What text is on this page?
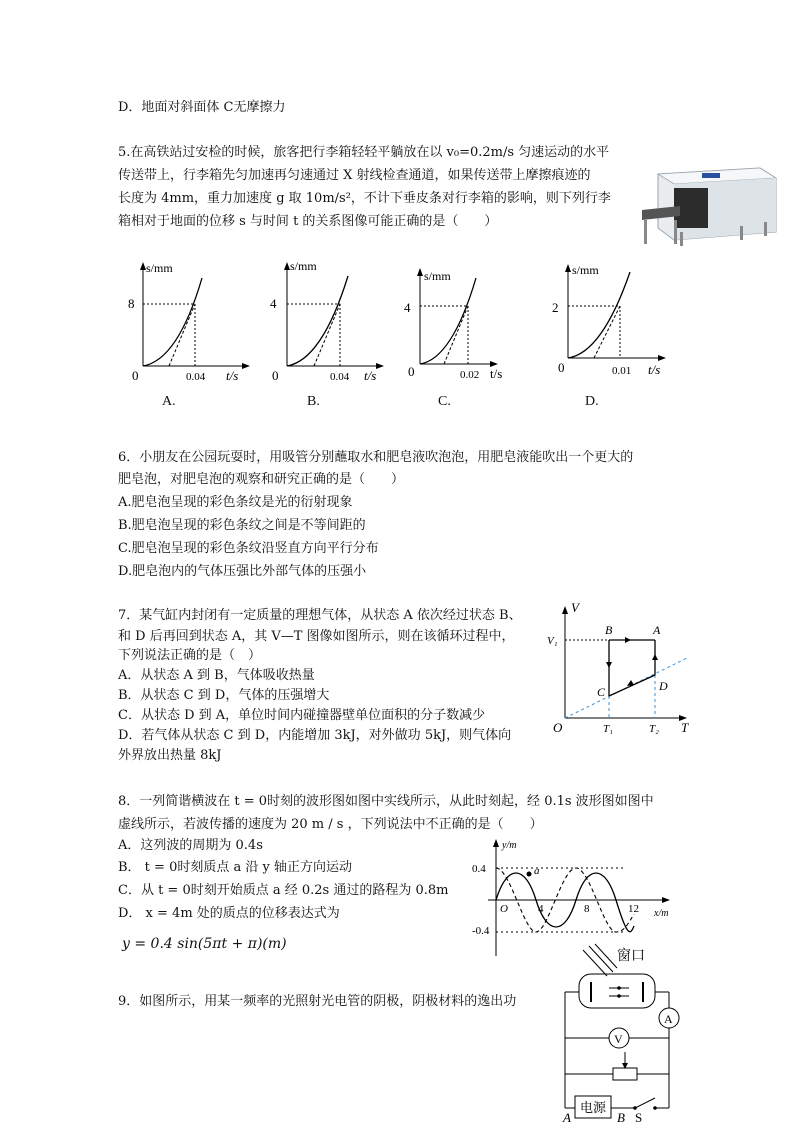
D．地面对斜面体 C无摩擦力
5.在高铁站过安检的时候，旅客把行李箱轻轻平躺放在以 v₀=0.2m/s 匀速运动的水平
传送带上，行李箱先匀加速再匀速通过 X 射线检查通道，如果传送带上摩擦痕迹的
长度为 4mm，重力加速度 g 取 10m/s²，不计下垂皮条对行李箱的影响，则下列行李
箱相对于地面的位移 s 与时间 t 的关系图像可能正确的是（　　）
s/mm
8
0	0.04 t/s
s/mm
4
0	0.04 t/s
s/mm
4
0	0.02 t/s
s/mm
2
0	0.01 t/s
A.	B.	C.	D.
6．小朋友在公园玩耍时，用吸管分别蘸取水和肥皂液吹泡泡，用肥皂液能吹出一个更大的
肥皂泡，对肥皂泡的观察和研究正确的是（　　）
A.肥皂泡呈现的彩色条纹是光的衍射现象
B.肥皂泡呈现的彩色条纹之间是不等间距的
C.肥皂泡呈现的彩色条纹沿竖直方向平行分布
D.肥皂泡内的气体压强比外部气体的压强小
7．某气缸内封闭有一定质量的理想气体，从状态 A 依次经过状态 B、
和 D 后再回到状态 A，其 V—T 图像如图所示，则在该循环过程中，
下列说法正确的是（　）
A．从状态 A 到 B，气体吸收热量
B．从状态 C 到 D，气体的压强增大
C．从状态 D 到 A，单位时间内碰撞器壁单位面积的分子数减少
D．若气体从状态 C 到 D，内能增加 3kJ，对外做功 5kJ，则气体向
外界放出热量 8kJ
V
V₁
O	T
T₁	T₂
B	A
C	D
8．一列简谐横波在 t = 0时刻的波形图如图中实线所示，从此时刻起，经 0.1s 波形图如图中
虚线所示，若波传播的速度为 20 m / s ，下列说法中不正确的是（　　）
A．这列波的周期为 0.4s
B． t = 0时刻质点 a 沿 y 轴正方向运动
C．从 t = 0时刻开始质点 a 经 0.2s 通过的路程为 0.8m
D． x = 4m 处的质点的位移表达式为
y = 0.4 sin(5πt + π)(m)
y/m
0.4
-0.4
O	4	8	12 x/m
a
9．如图所示，用某一频率的光照射光电管的阴极，阴极材料的逸出功
窗口
A
V
电源
A	B S
